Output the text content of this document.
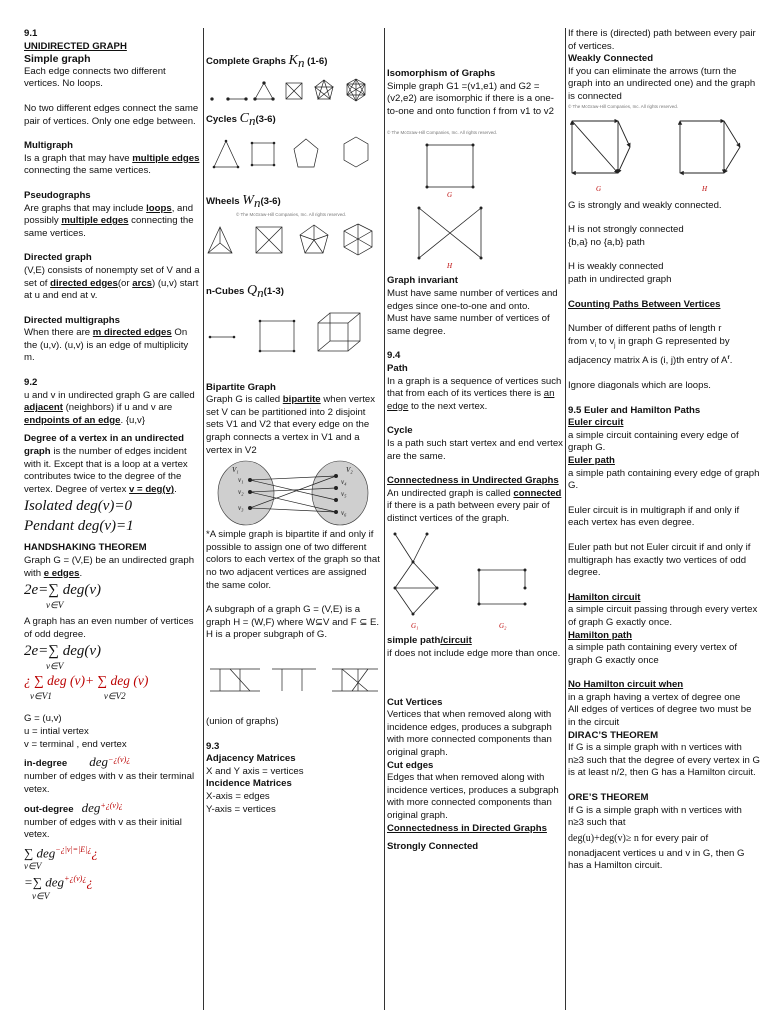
9.1

UNIDIRECTED GRAPH

Simple graph

Each edge connects two different vertices. No loops.

No two different edges connect the same pair of vertices. Only one edge between.

Multigraph

Is a graph that may have multiple edges connecting the same vertices.

Pseudographs

Are graphs that may include loops, and possibly multiple edges connecting the same vertices.

Directed graph

(V,E) consists of nonempty set of V and a set of directed edges(or arcs) (u,v) start at u and end at v.

Directed multigraphs

When there are m directed edges On the (u,v). (u,v) is an edge of multiplicity m.

9.2

u and v in undirected graph G are called adjacent (neighbors) if u and v are endpoints of an edge. {u,v}

Degree of a vertex in an undirected graph is the number of edges incident with it. Except that is a loop at a vertex contributes twice to the degree of the vertex. Degree of vertex v = deg(v).

Isolated deg(v)=0

Pendant deg(v)=1

HANDSHAKING THEOREM

Graph G = (V,E) be an undirected graph with e edges.

2e=∑ deg(v)

v∈V

A graph has an even number of vertices of odd degree.

2e=∑ deg(v)

v∈V

¿ ∑ deg (v)+ ∑ deg (v)

v∈V1	v∈V2

G = (u,v)

u = intial vertex

v = terminal , end vertex

in-degree deg$^{-¿(v)¿}$

number of edges with v as their terminal vetex.

out-degree deg$^{+¿(v)¿}$

number of edges with v as their initial vetex.

∑ deg$^{-¿|v|=|E|¿}$¿

v∈V

=∑ deg$^{+¿(v)¿}$¿

v∈V

Complete Graphs $K_n$ (1-6)

Cycles $C_n(3-6)$

Wheels $W_n(3-6)$

© The McGraw-Hill Companies, Inc. All rights reserved.

n-Cubes $Q_n(1-3)$

Bipartite Graph

Graph G is called bipartite when vertex set V can be partitioned into 2 disjoint sets V1 and V2 that every edge on the graph connects a vertex in V1 and a vertex in V2

V₁	V₂
v₁
v₂
v₃
v₄
v₅
v₆

*A simple graph is bipartite if and only if possible to assign one of two different colors to each vertex of the graph so that no two adjacent vertices are assigned the same color.

A subgraph of a graph G = (V,E) is a graph H = (W,F) where W⊆V and F ⊆ E. H is a proper subgraph of G.

(union of graphs)

9.3

Adjacency Matrices

X and Y axis = vertices

Incidence Matrices

X-axis = edges

Y-axis = vertices

Isomorphism of Graphs

Simple graph G1 =(v1,e1) and G2 = (v2,e2) are isomorphic if there is a one-to-one and onto function f from v1 to v2

© The McGraw-Hill Companies, Inc. All rights reserved.

G
H

Graph invariant

Must have same number of vertices and edges since one-to-one and onto.

Must have same number of vertices of same degree.

9.4

Path

In a graph is a sequence of vertices such that from each of its vertices there is an edge to the next vertex.

Cycle

Is a path such start vertex and end vertex are the same.

Connectedness in Undirected Graphs

An undirected graph is called connected if there is a path between every pair of distinct vertices of the graph.

G₁	G₂

simple path/circuit

if does not include edge more than once.

Cut Vertices

Vertices that when removed along with incidence edges, produces a subgraph with more connected components than original graph.

Cut edges

Edges that when removed along with incidence vertices, produces a subgraph with more connected components than original graph.

Connectedness in Directed Graphs

Strongly Connected

If there is (directed) path between every pair of vertices.

Weakly Connected

If you can eliminate the arrows (turn the graph into an undirected one) and the graph is connected

© The McGraw-Hill Companies, Inc. All rights reserved.

G	H

G is strongly and weakly connected.

H is not strongly connected

{b,a} no {a,b} path

H is weakly connected

path in undirected graph

Counting Paths Between Vertices

Number of different paths of length r

from $v_i$ to $v_j$ in graph G represented by adjacency matrix A is (i, j)th entry of $A^r$.

Ignore diagonals which are loops.

9.5 Euler and Hamilton Paths

Euler circuit

a simple circuit containing every edge of graph G.

Euler path

a simple path containing every edge of graph G.

Euler circuit is in multigraph if and only if each vertex has even degree.

Euler path but not Euler circuit if and only if multigraph has exactly two vertices of odd degree.

Hamilton circuit

a simple circuit passing through every vertex of graph G exactly once.

Hamilton path

a simple path containing every vertex of graph G exactly once

No Hamilton circuit when

in a graph having a vertex of degree one

All edges of vertices of degree two must be in the circuit

DIRAC’S THEOREM

If G is a simple graph with n vertices with n≥3 such that the degree of every vertex in G is at least n/2, then G has a Hamilton circuit.

ORE’S THEOREM

If G is a simple graph with n vertices with n≥3 such that

deg(u)+deg(v)≥ n for every pair of nonadjacent vertices u and v in G, then G has a Hamilton circuit.
